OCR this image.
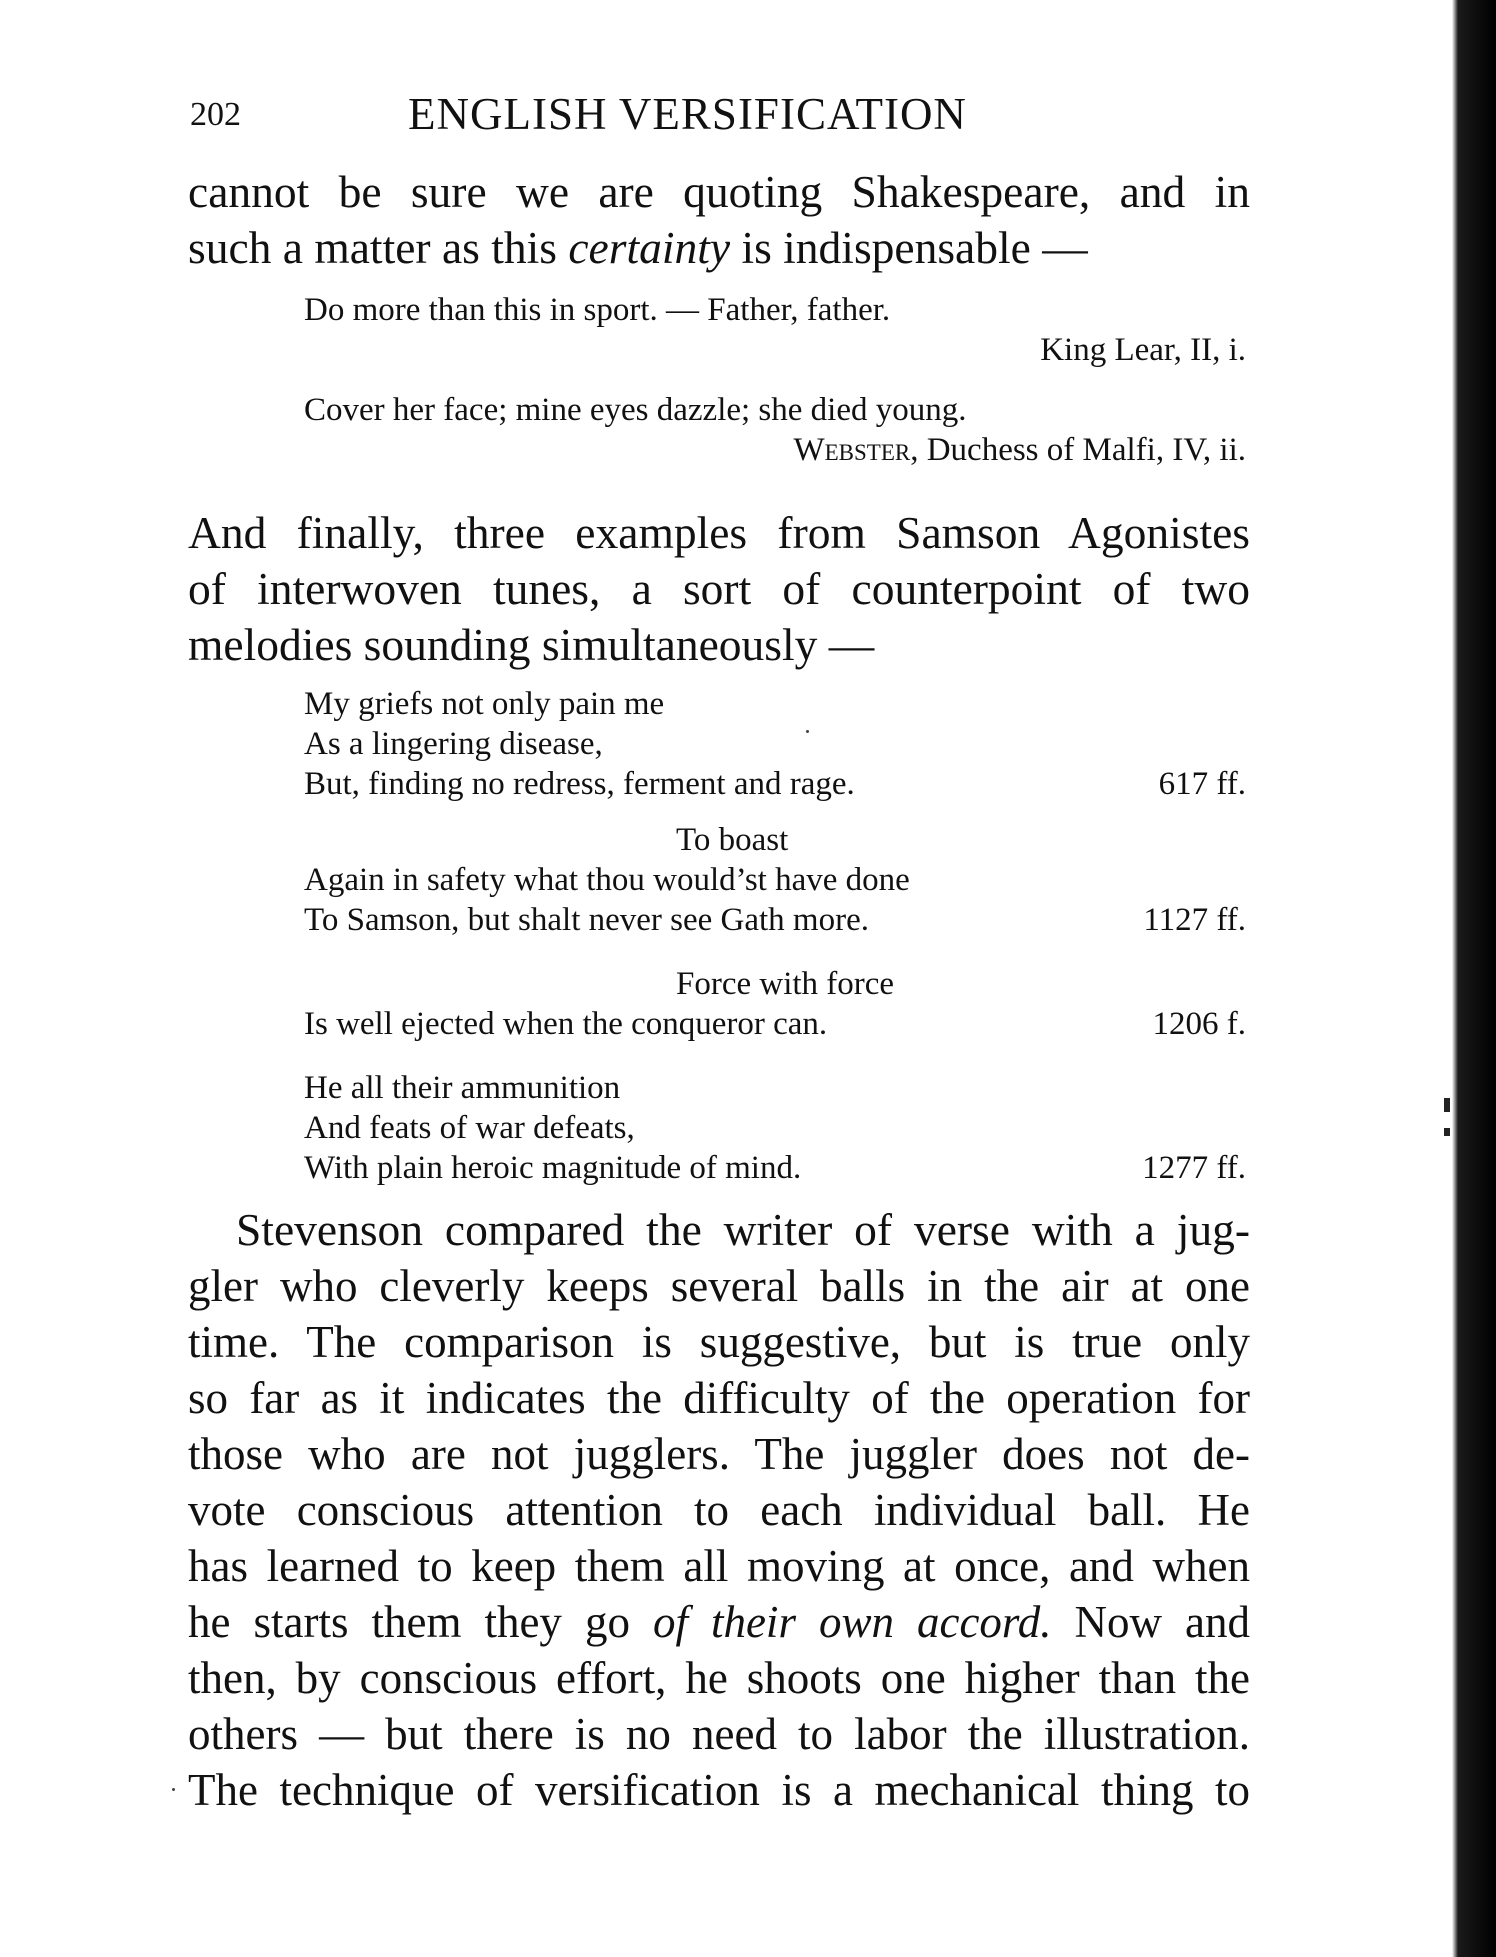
202	ENGLISH VERSIFICATION
cannot be sure we are quoting Shakespeare, and in
such a matter as this certainty is indispensable —
Do more than this in sport. — Father, father.
King Lear, II, i.
Cover her face; mine eyes dazzle; she died young.
Webster, Duchess of Malfi, IV, ii.
And finally, three examples from Samson Agonistes
of interwoven tunes, a sort of counterpoint of two
melodies sounding simultaneously —
My griefs not only pain me
As a lingering disease,
But, finding no redress, ferment and rage.	617 ff.
To boast
Again in safety what thou would’st have done
To Samson, but shalt never see Gath more.	1127 ff.
Force with force
Is well ejected when the conqueror can.	1206 f.
He all their ammunition
And feats of war defeats,
With plain heroic magnitude of mind.	1277 ff.
Stevenson compared the writer of verse with a jug-
gler who cleverly keeps several balls in the air at one
time. The comparison is suggestive, but is true only
so far as it indicates the difficulty of the operation for
those who are not jugglers. The juggler does not de-
vote conscious attention to each individual ball. He
has learned to keep them all moving at once, and when
he starts them they go of their own accord. Now and
then, by conscious effort, he shoots one higher than the
others — but there is no need to labor the illustration.
The technique of versification is a mechanical thing to
